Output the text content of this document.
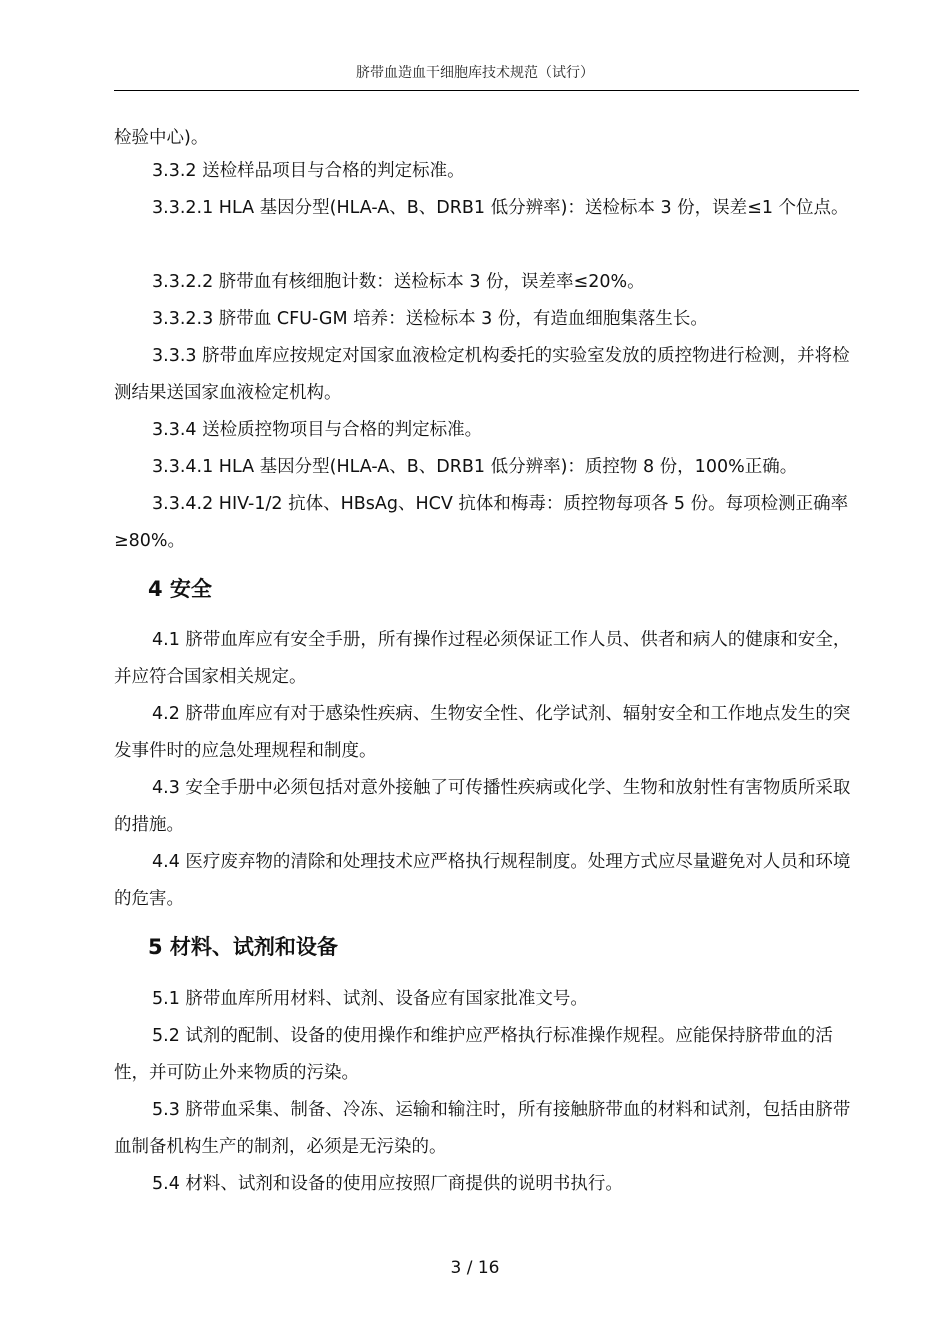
脐带血造血干细胞库技术规范（试行）

检验中心)。

3.3.2 送检样品项目与合格的判定标准。

3.3.2.1 HLA 基因分型(HLA-A、B、DRB1 低分辨率)：送检标本 3 份，误差≤1 个位点。

3.3.2.2 脐带血有核细胞计数：送检标本 3 份，误差率≤20%。

3.3.2.3 脐带血 CFU-GM 培养：送检标本 3 份，有造血细胞集落生长。

3.3.3 脐带血库应按规定对国家血液检定机构委托的实验室发放的质控物进行检测，并将检测结果送国家血液检定机构。

3.3.4 送检质控物项目与合格的判定标准。

3.3.4.1 HLA 基因分型(HLA-A、B、DRB1 低分辨率)：质控物 8 份，100%正确。

3.3.4.2 HIV-1/2 抗体、HBsAg、HCV 抗体和梅毒：质控物每项各 5 份。每项检测正确率≥80%。

4 安全

4.1 脐带血库应有安全手册，所有操作过程必须保证工作人员、供者和病人的健康和安全，并应符合国家相关规定。

4.2 脐带血库应有对于感染性疾病、生物安全性、化学试剂、辐射安全和工作地点发生的突发事件时的应急处理规程和制度。

4.3 安全手册中必须包括对意外接触了可传播性疾病或化学、生物和放射性有害物质所采取的措施。

4.4 医疗废弃物的清除和处理技术应严格执行规程制度。处理方式应尽量避免对人员和环境的危害。

5 材料、试剂和设备

5.1 脐带血库所用材料、试剂、设备应有国家批准文号。

5.2 试剂的配制、设备的使用操作和维护应严格执行标准操作规程。应能保持脐带血的活性，并可防止外来物质的污染。

5.3 脐带血采集、制备、冷冻、运输和输注时，所有接触脐带血的材料和试剂，包括由脐带血制备机构生产的制剂，必须是无污染的。

5.4 材料、试剂和设备的使用应按照厂商提供的说明书执行。

3 / 16
